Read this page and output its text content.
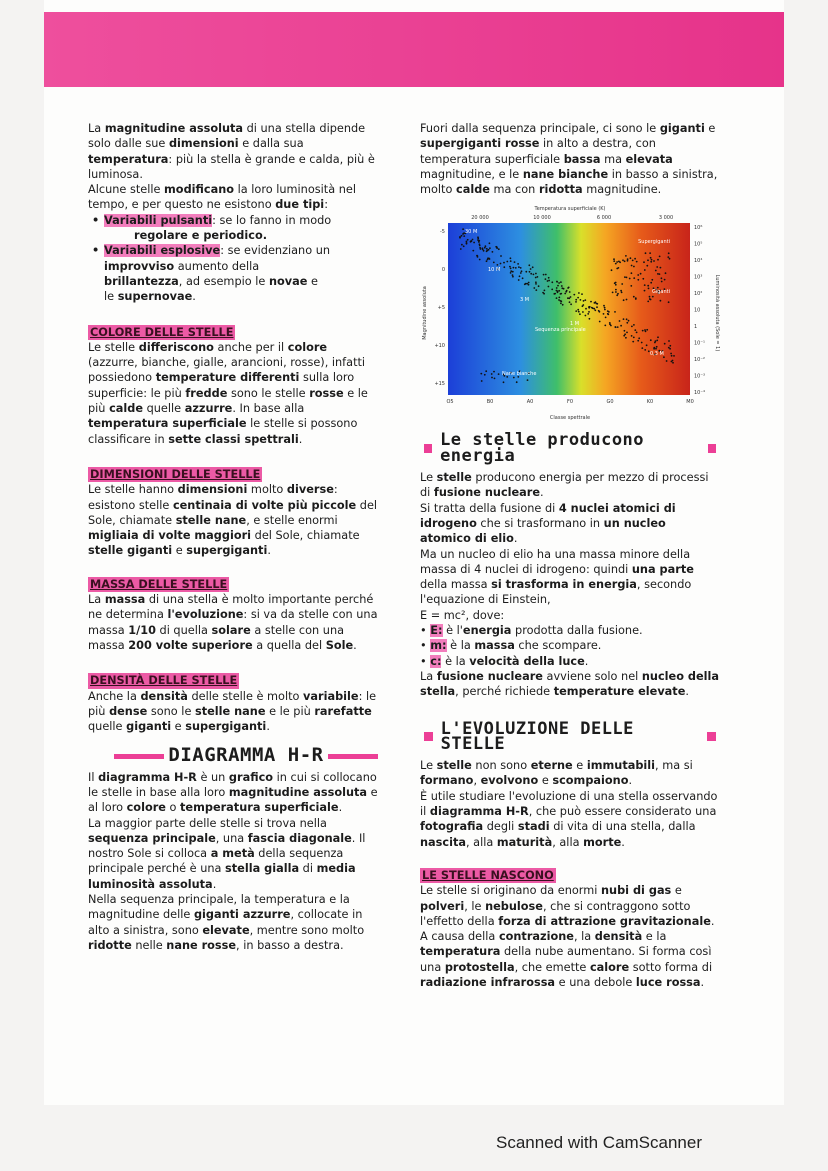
La magnitudine assoluta di una stella dipende solo dalle sue dimensioni e dalla sua temperatura: più la stella è grande e calda, più è luminosa.

Alcune stelle modificano la loro luminosità nel tempo, e per questo ne esistono due tipi:

• Variabili pulsanti: se lo fanno in modo
regolare e periodico.
• Variabili esplosive: se evidenziano un
improvviso aumento della
brillantezza, ad esempio le novae e
le supernovae.
COLORE DELLE STELLE

Le stelle differiscono anche per il colore (azzurre, bianche, gialle, arancioni, rosse), infatti possiedono temperature differenti sulla loro superficie: le più fredde sono le stelle rosse e le più calde quelle azzurre. In base alla temperatura superficiale le stelle si possono classificare in sette classi spettrali.

DIMENSIONI DELLE STELLE

Le stelle hanno dimensioni molto diverse: esistono stelle centinaia di volte più piccole del Sole, chiamate stelle nane, e stelle enormi migliaia di volte maggiori del Sole, chiamate stelle giganti e supergiganti.

MASSA DELLE STELLE

La massa di una stella è molto importante perché ne determina l'evoluzione: si va da stelle con una massa 1/10 di quella solare a stelle con una massa 200 volte superiore a quella del Sole.

DENSITÀ DELLE STELLE

Anche la densità delle stelle è molto variabile: le più dense sono le stelle nane e le più rarefatte quelle giganti e supergiganti.

DIAGRAMMA H-R

Il diagramma H-R è un grafico in cui si collocano le stelle in base alla loro magnitudine assoluta e al loro colore o temperatura superficiale.

La maggior parte delle stelle si trova nella sequenza principale, una fascia diagonale. Il nostro Sole si colloca a metà della sequenza principale perché è una stella gialla di media luminosità assoluta.

Nella sequenza principale, la temperatura e la magnitudine delle giganti azzurre, collocate in alto a sinistra, sono elevate, mentre sono molto ridotte nelle nane rosse, in basso a destra.

Fuori dalla sequenza principale, ci sono le giganti e supergiganti rosse in alto a destra, con temperatura superficiale bassa ma elevata magnitudine, e le nane bianche in basso a sinistra, molto calde ma con ridotta magnitudine.

Temperatura superficiale (K)
20 000	10 000	6 000	3 000
Magnitudine assoluta	Luminosità assoluta (Sole = 1)
-5
0
+5
+10
+15
10⁶
10⁵
10⁴
10³
10²
10
1
10⁻¹
10⁻²
10⁻³
10⁻⁴
O5	B0	A0	F0	G0	K0	M0
Classe spettrale
Supergiganti
Giganti
Sequenza principale
Nane bianche
30 M
10 M
3 M
1 M
0,3 M
Le stelle producono energia

Le stelle producono energia per mezzo di processi di fusione nucleare.

Si tratta della fusione di 4 nuclei atomici di idrogeno che si trasformano in un nucleo atomico di elio.

Ma un nucleo di elio ha una massa minore della massa di 4 nuclei di idrogeno: quindi una parte della massa si trasforma in energia, secondo l'equazione di Einstein,

E = mc², dove:

• E: è l'energia prodotta dalla fusione.

• m: è la massa che scompare.

• c: è la velocità della luce.

La fusione nucleare avviene solo nel nucleo della stella, perché richiede temperature elevate.

L'EVOLUZIONE DELLE STELLE

Le stelle non sono eterne e immutabili, ma si formano, evolvono e scompaiono.

È utile studiare l'evoluzione di una stella osservando il diagramma H-R, che può essere considerato una fotografia degli stadi di vita di una stella, dalla nascita, alla maturità, alla morte.

LE STELLE NASCONO

Le stelle si originano da enormi nubi di gas e polveri, le nebulose, che si contraggono sotto l'effetto della forza di attrazione gravitazionale. A causa della contrazione, la densità e la temperatura della nube aumentano. Si forma così una protostella, che emette calore sotto forma di radiazione infrarossa e una debole luce rossa.

Scanned with CamScanner
